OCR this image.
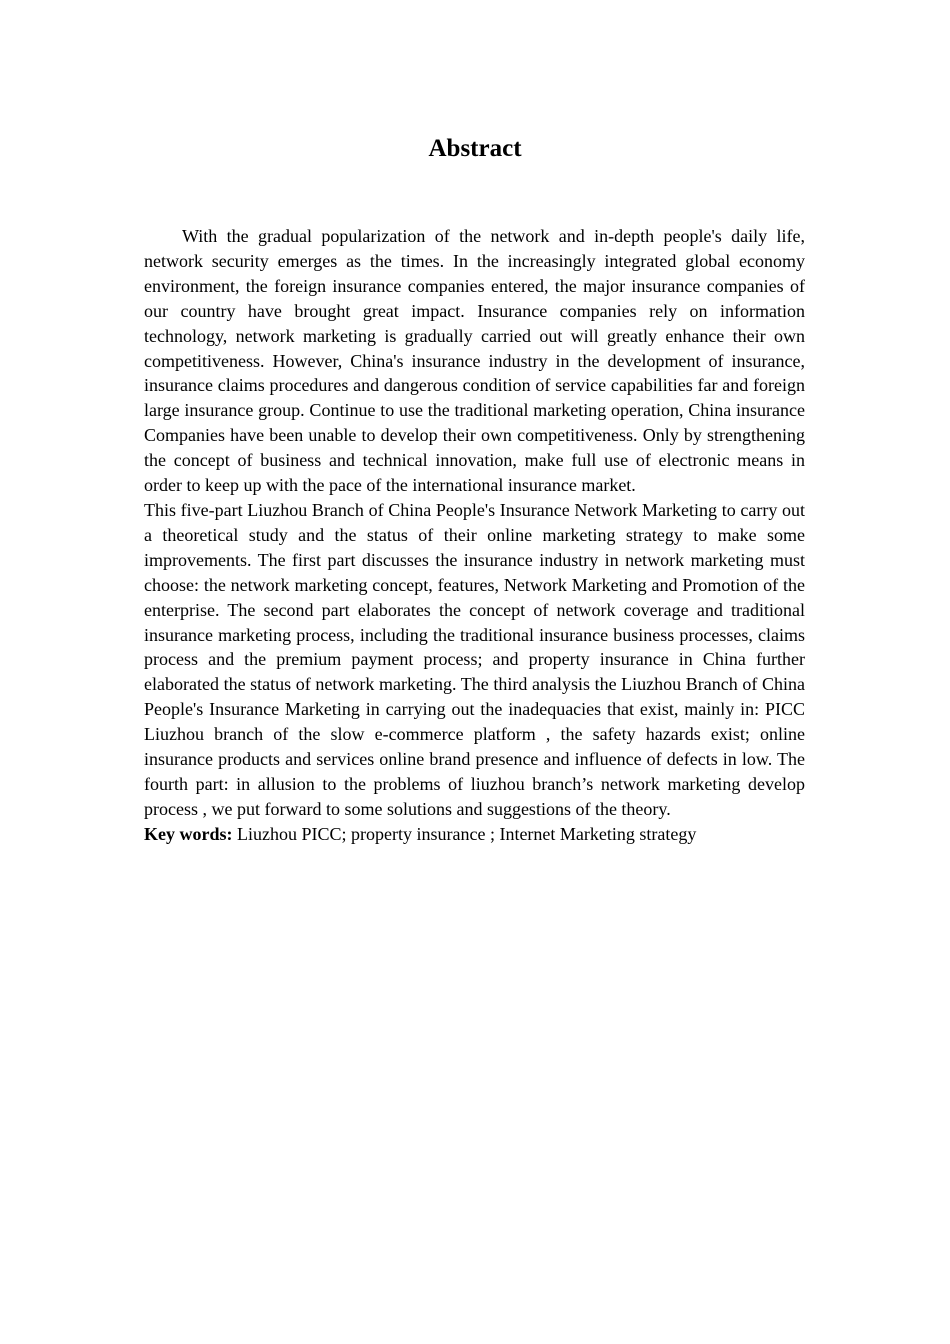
Abstract

With the gradual popularization of the network and in-depth people's daily life, network security emerges as the times. In the increasingly integrated global economy environment, the foreign insurance companies entered, the major insurance companies of our country have brought great impact. Insurance companies rely on information technology, network marketing is gradually carried out will greatly enhance their own competitiveness. However, China's insurance industry in the development of insurance, insurance claims procedures and dangerous condition of service capabilities far and foreign large insurance group. Continue to use the traditional marketing operation, China insurance Companies have been unable to develop their own competitiveness. Only by strengthening the concept of business and technical innovation, make full use of electronic means in order to keep up with the pace of the international insurance market.

This five-part Liuzhou Branch of China People's Insurance Network Marketing to carry out a theoretical study and the status of their online marketing strategy to make some improvements. The first part discusses the insurance industry in network marketing must choose: the network marketing concept, features, Network Marketing and Promotion of the enterprise. The second part elaborates the concept of network coverage and traditional insurance marketing process, including the traditional insurance business processes, claims process and the premium payment process; and property insurance in China further elaborated the status of network marketing. The third analysis the Liuzhou Branch of China People's Insurance Marketing in carrying out the inadequacies that exist, mainly in: PICC Liuzhou branch of the slow e-commerce platform , the safety hazards exist; online insurance products and services online brand presence and influence of defects in low. The fourth part: in allusion to the problems of liuzhou branch’s network marketing develop process , we put forward to some solutions and suggestions of the theory.

Key words: Liuzhou PICC; property insurance ; Internet Marketing strategy
